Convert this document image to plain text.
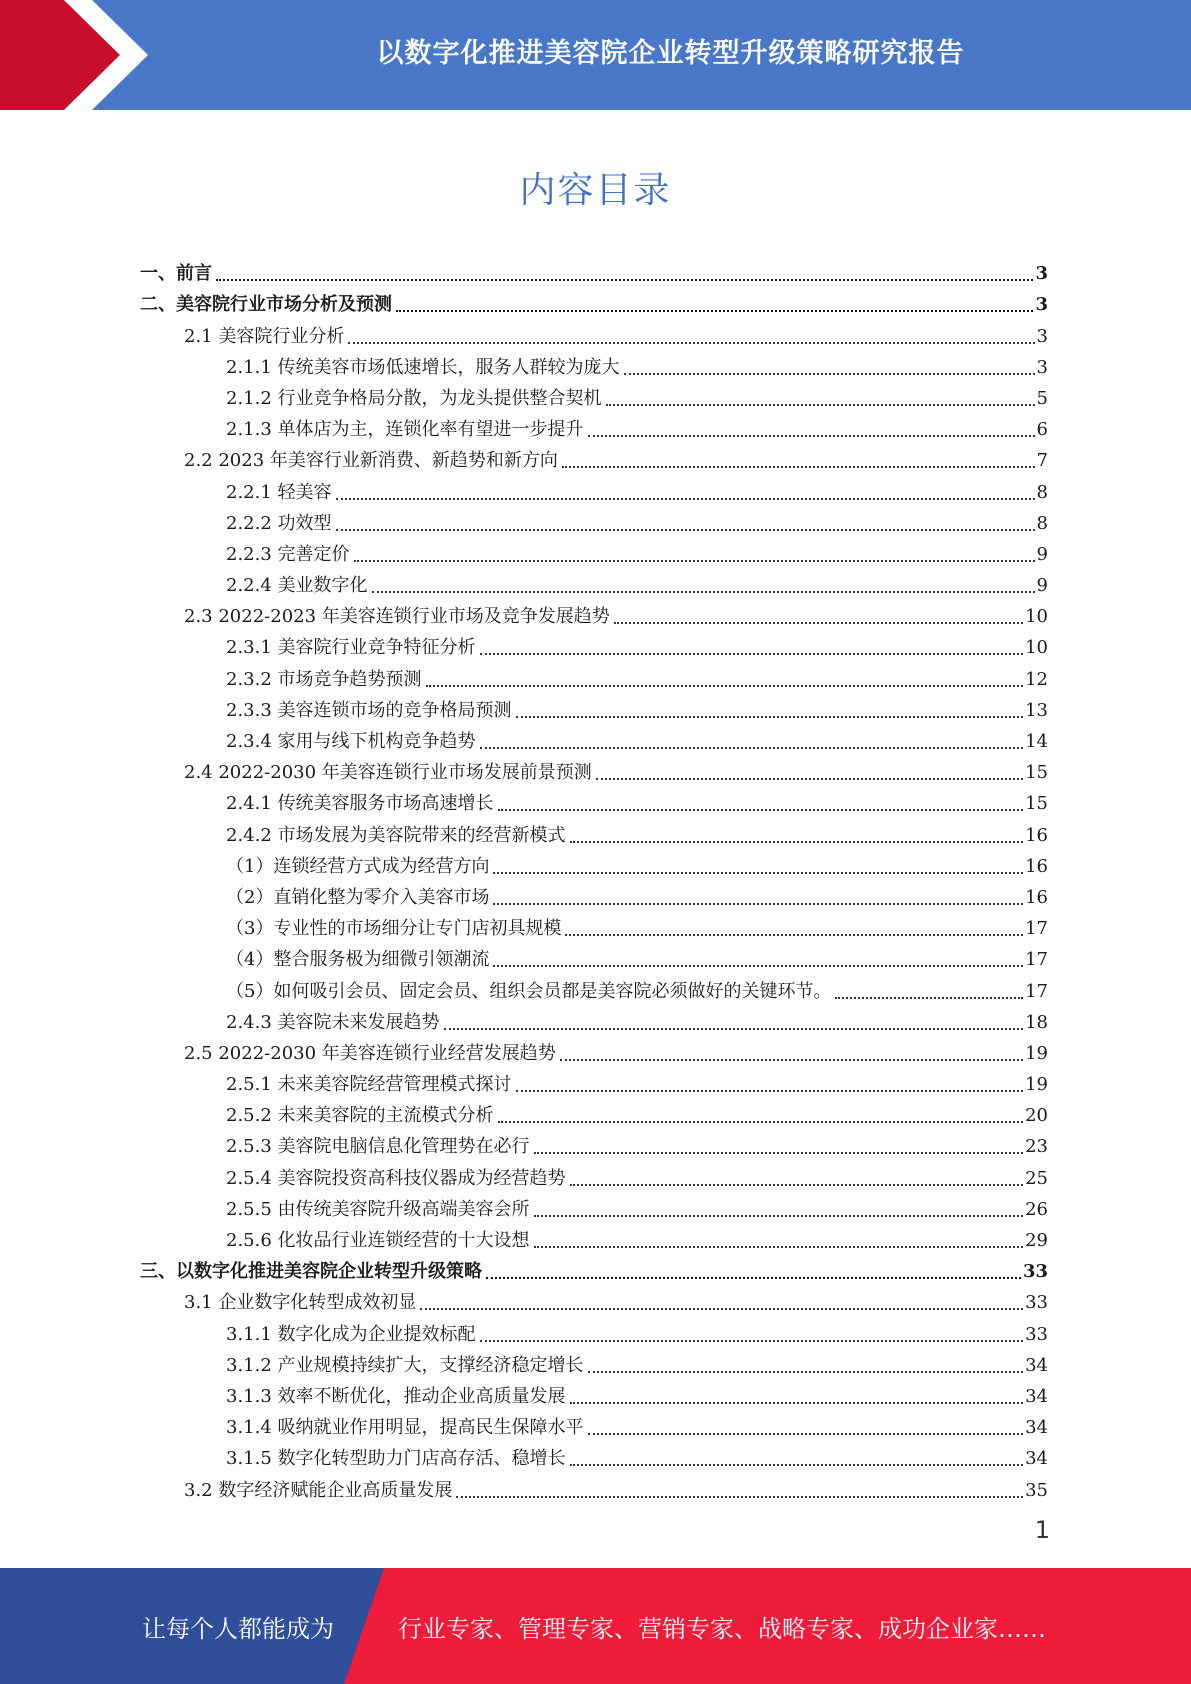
以数字化推进美容院企业转型升级策略研究报告
内容目录
一、前言	3
二、美容院行业市场分析及预测	3
2.1 美容院行业分析	3
2.1.1 传统美容市场低速增长，服务人群较为庞大	3
2.1.2 行业竞争格局分散，为龙头提供整合契机	5
2.1.3 单体店为主，连锁化率有望进一步提升	6
2.2 2023 年美容行业新消费、新趋势和新方向	7
2.2.1 轻美容	8
2.2.2 功效型	8
2.2.3 完善定价	9
2.2.4 美业数字化	9
2.3 2022-2023 年美容连锁行业市场及竞争发展趋势	10
2.3.1 美容院行业竞争特征分析	10
2.3.2 市场竞争趋势预测	12
2.3.3 美容连锁市场的竞争格局预测	13
2.3.4 家用与线下机构竞争趋势	14
2.4 2022-2030 年美容连锁行业市场发展前景预测	15
2.4.1 传统美容服务市场高速增长	15
2.4.2 市场发展为美容院带来的经营新模式	16
（1）连锁经营方式成为经营方向	16
（2）直销化整为零介入美容市场	16
（3）专业性的市场细分让专门店初具规模	17
（4）整合服务极为细微引领潮流	17
（5）如何吸引会员、固定会员、组织会员都是美容院必须做好的关键环节。	17
2.4.3 美容院未来发展趋势	18
2.5 2022-2030 年美容连锁行业经营发展趋势	19
2.5.1 未来美容院经营管理模式探讨	19
2.5.2 未来美容院的主流模式分析	20
2.5.3 美容院电脑信息化管理势在必行	23
2.5.4 美容院投资高科技仪器成为经营趋势	25
2.5.5 由传统美容院升级高端美容会所	26
2.5.6 化妆品行业连锁经营的十大设想	29
三、以数字化推进美容院企业转型升级策略	33
3.1 企业数字化转型成效初显	33
3.1.1 数字化成为企业提效标配	33
3.1.2 产业规模持续扩大，支撑经济稳定增长	34
3.1.3 效率不断优化，推动企业高质量发展	34
3.1.4 吸纳就业作用明显，提高民生保障水平	34
3.1.5 数字化转型助力门店高存活、稳增长	34
3.2 数字经济赋能企业高质量发展	35
1
让每个人都能成为	行业专家、管理专家、营销专家、战略专家、成功企业家……
